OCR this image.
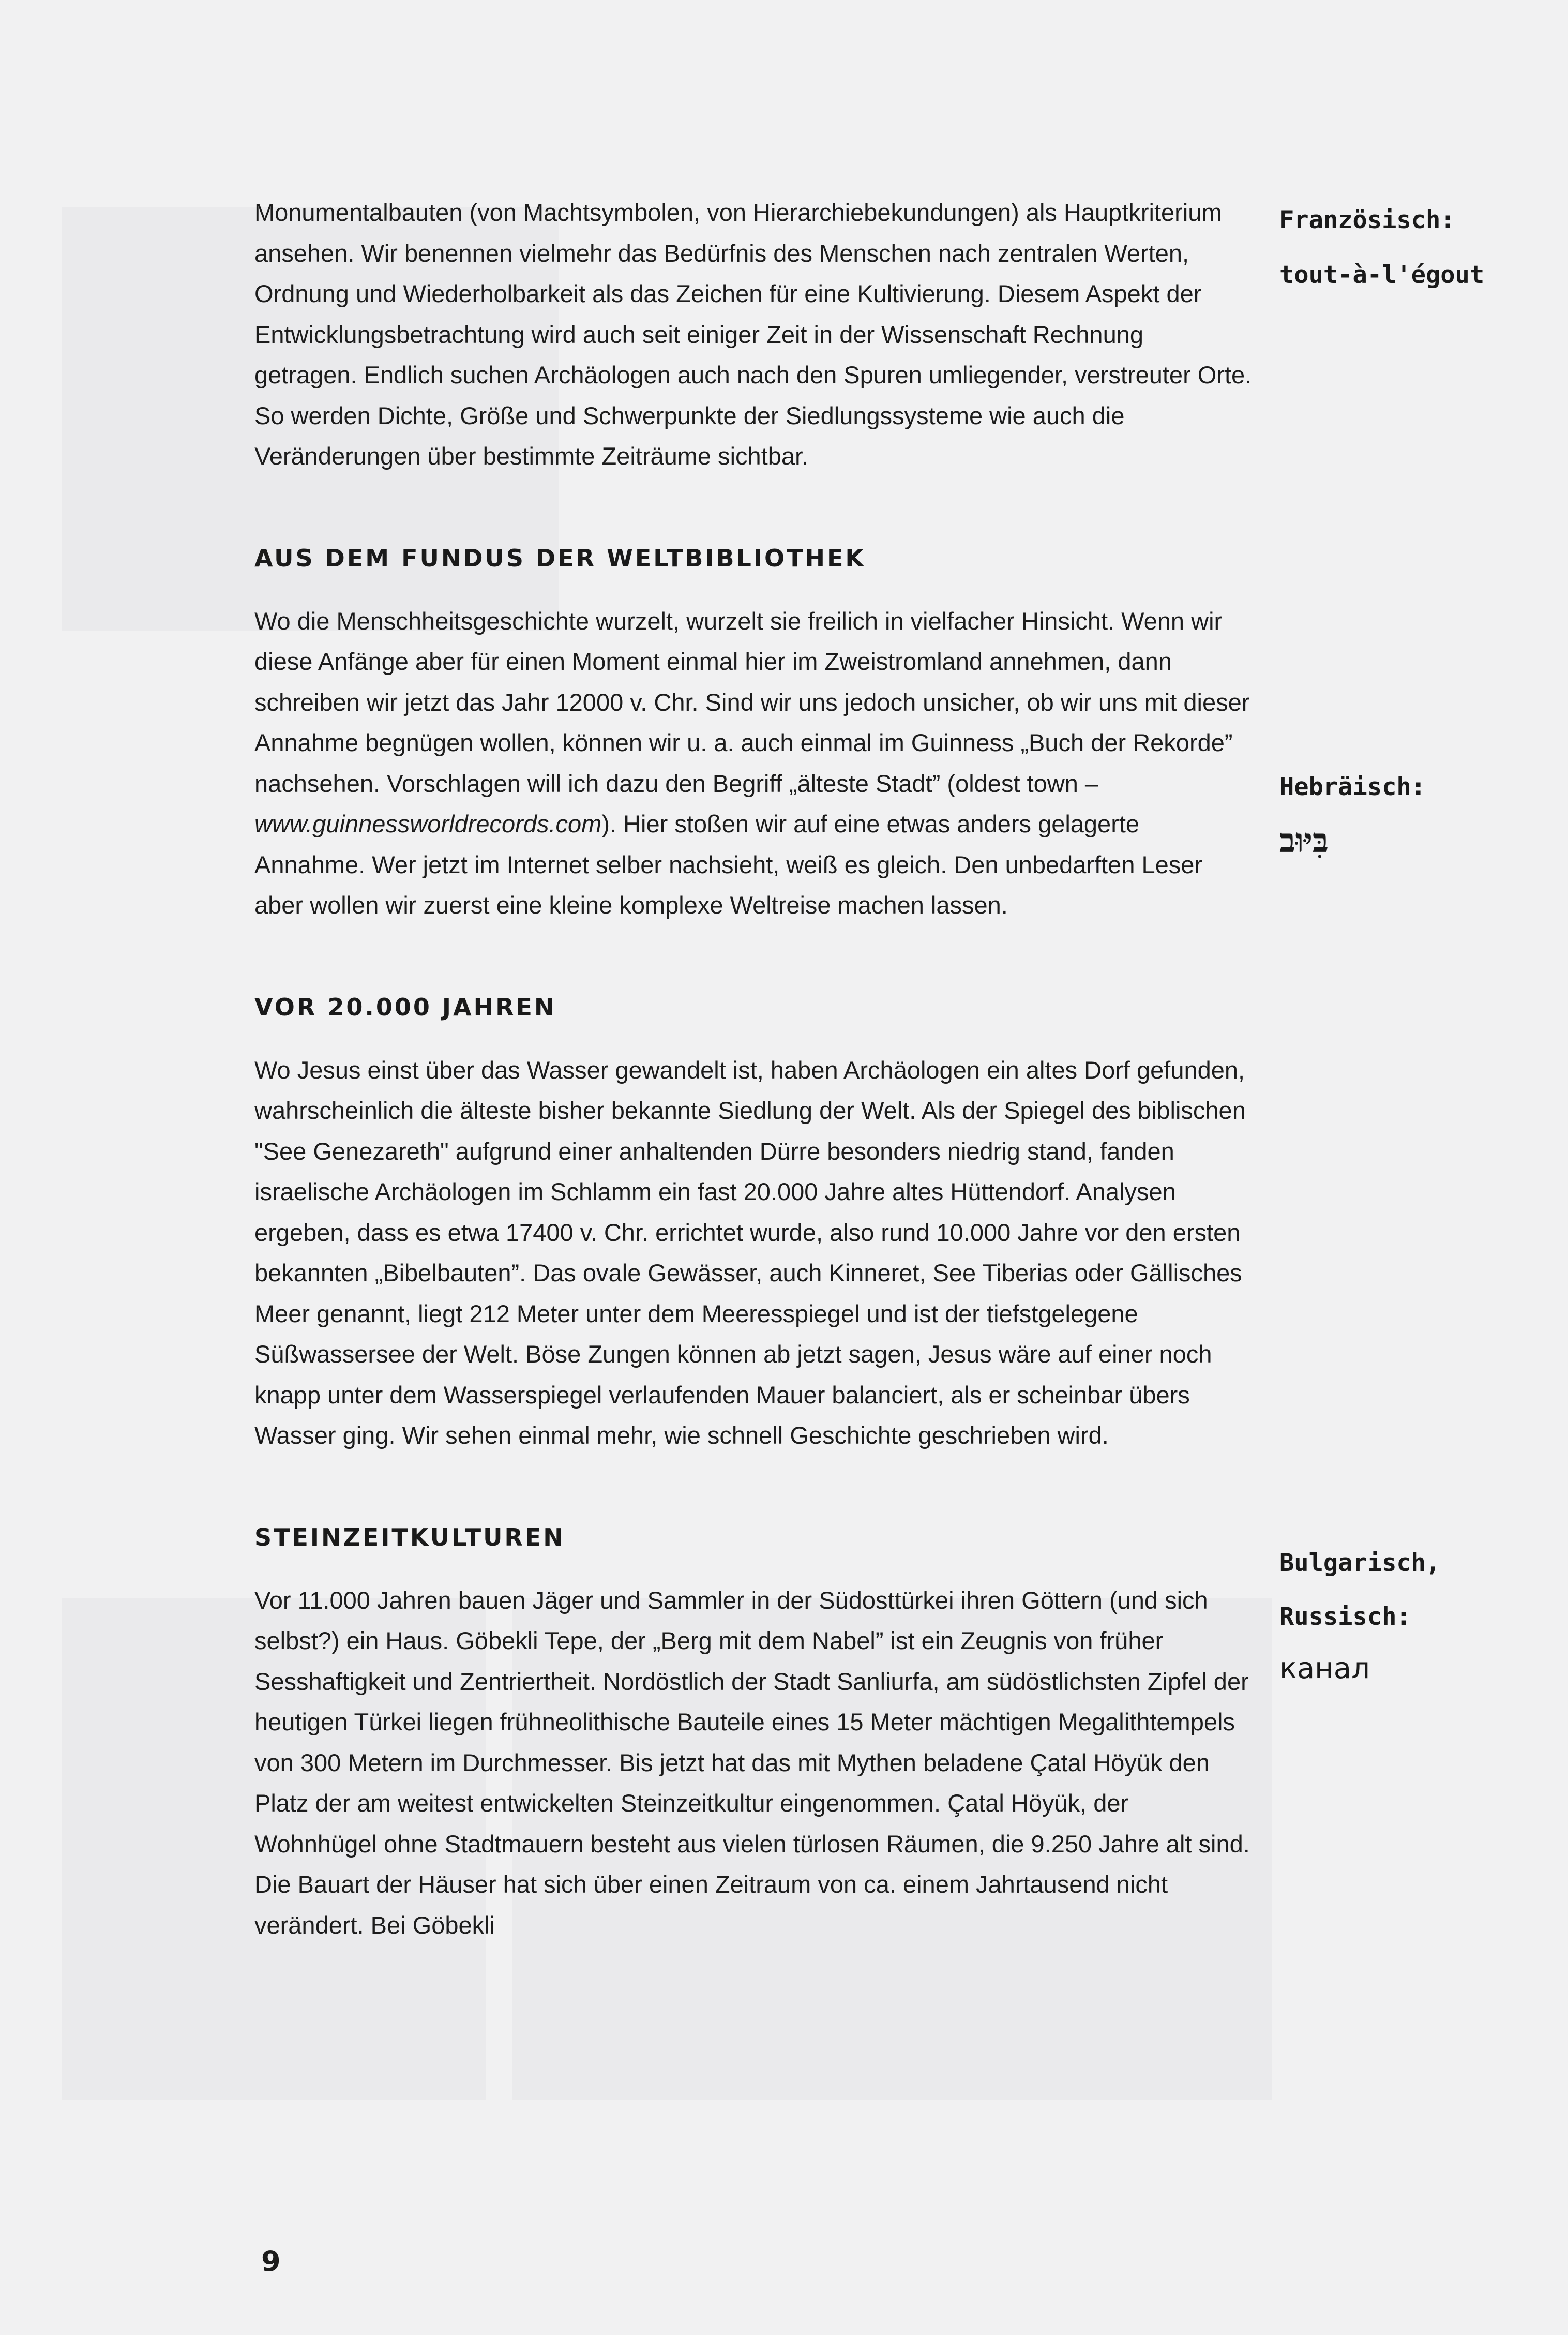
Monumentalbauten (von Machtsymbolen, von Hierarchiebekundungen) als Hauptkriterium ansehen. Wir benennen vielmehr das Bedürfnis des Menschen nach zentralen Werten, Ordnung und Wiederholbarkeit als das Zeichen für eine Kultivierung. Diesem Aspekt der Entwicklungsbetrachtung wird auch seit einiger Zeit in der Wissenschaft Rechnung getragen. Endlich suchen Archäologen auch nach den Spuren umliegender, verstreuter Orte. So werden Dichte, Größe und Schwerpunkte der Siedlungssysteme wie auch die Veränderungen über bestimmte Zeiträume sichtbar.

AUS DEM FUNDUS DER WELTBIBLIOTHEK

Wo die Menschheitsgeschichte wurzelt, wurzelt sie freilich in vielfacher Hinsicht. Wenn wir diese Anfänge aber für einen Moment einmal hier im Zweistromland annehmen, dann schreiben wir jetzt das Jahr 12000 v. Chr. Sind wir uns jedoch unsicher, ob wir uns mit dieser Annahme begnügen wollen, können wir u. a. auch einmal im Guinness „Buch der Rekorde” nachsehen. Vorschlagen will ich dazu den Begriff „älteste Stadt” (oldest town – www.guinnessworldrecords.com). Hier stoßen wir auf eine etwas anders gelagerte Annahme. Wer jetzt im Internet selber nachsieht, weiß es gleich. Den unbedarften Leser aber wollen wir zuerst eine kleine komplexe Weltreise machen lassen.

VOR 20.000 JAHREN

Wo Jesus einst über das Wasser gewandelt ist, haben Archäologen ein altes Dorf gefunden, wahrscheinlich die älteste bisher bekannte Siedlung der Welt. Als der Spiegel des biblischen "See Genezareth" aufgrund einer anhaltenden Dürre besonders niedrig stand, fanden israelische Archäologen im Schlamm ein fast 20.000 Jahre altes Hüttendorf. Analysen ergeben, dass es etwa 17400 v. Chr. errichtet wurde, also rund 10.000 Jahre vor den ersten bekannten „Bibelbauten”. Das ovale Gewässer, auch Kinneret, See Tiberias oder Gällisches Meer genannt, liegt 212 Meter unter dem Meeresspiegel und ist der tiefstgelegene Süßwassersee der Welt. Böse Zungen können ab jetzt sagen, Jesus wäre auf einer noch knapp unter dem Wasserspiegel verlaufenden Mauer balanciert, als er scheinbar übers Wasser ging. Wir sehen einmal mehr, wie schnell Geschichte geschrieben wird.

STEINZEITKULTUREN

Vor 11.000 Jahren bauen Jäger und Sammler in der Südosttürkei ihren Göttern (und sich selbst?) ein Haus. Göbekli Tepe, der „Berg mit dem Nabel” ist ein Zeugnis von früher Sesshaftigkeit und Zentriertheit. Nordöstlich der Stadt Sanliurfa, am südöstlichsten Zipfel der heutigen Türkei liegen frühneolithische Bauteile eines 15 Meter mächtigen Megalithtempels von 300 Metern im Durchmesser. Bis jetzt hat das mit Mythen beladene Çatal Höyük den Platz der am weitest entwickelten Steinzeitkultur eingenommen. Çatal Höyük, der Wohnhügel ohne Stadtmauern besteht aus vielen türlosen Räumen, die 9.250 Jahre alt sind. Die Bauart der Häuser hat sich über einen Zeitraum von ca. einem Jahrtausend nicht verändert. Bei Göbekli

Französisch:
tout-à-l'égout
Hebräisch:
בִּיּוּב
Bulgarisch,
Russisch:
канал
9
